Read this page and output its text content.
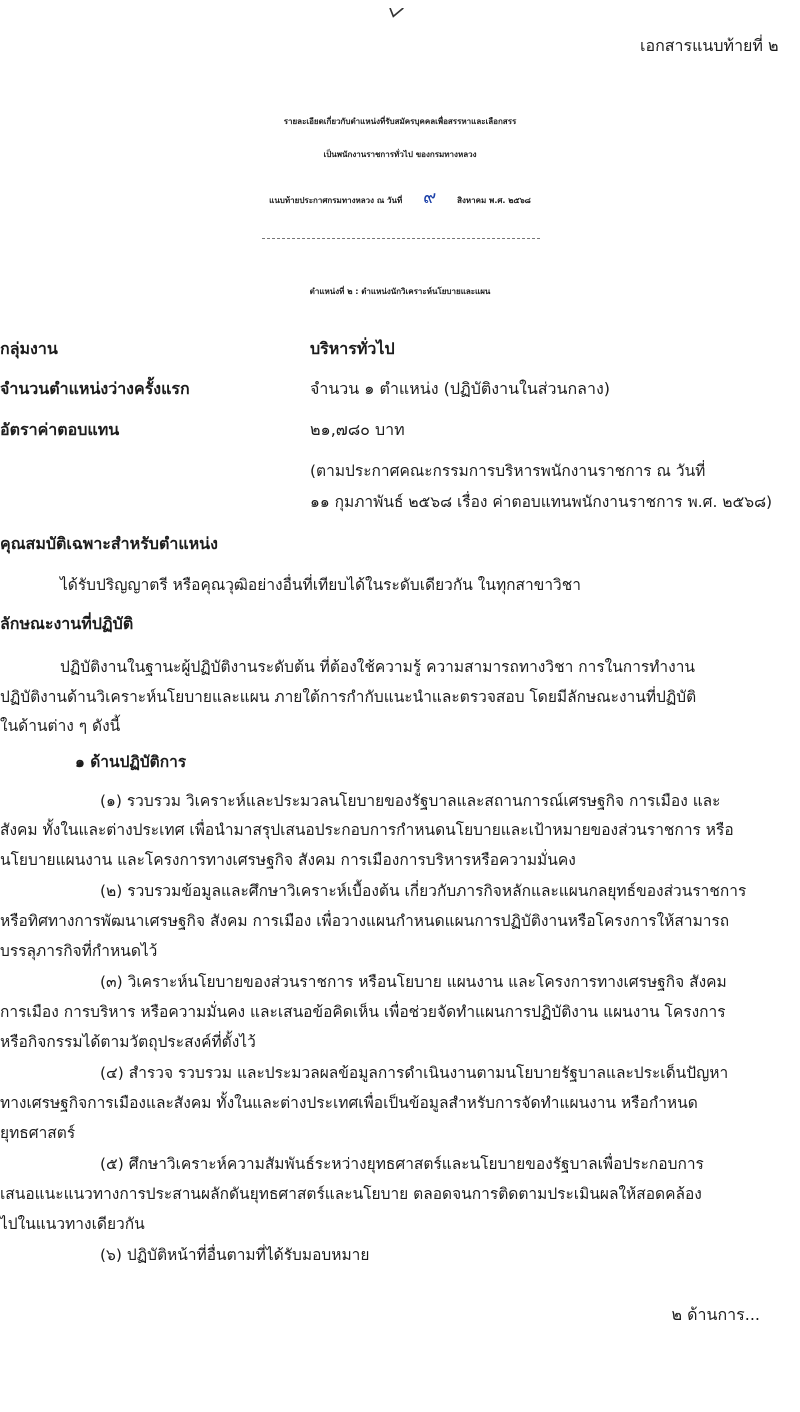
เอกสารแนบท้ายที่ ๒
รายละเอียดเกี่ยวกับตำแหน่งที่รับสมัครบุคคลเพื่อสรรหาและเลือกสรร
เป็นพนักงานราชการทั่วไป ของกรมทางหลวง
แนบท้ายประกาศกรมทางหลวง ณ วันที่ ๙	สิงหาคม พ.ศ. ๒๕๖๘
ตำแหน่งที่ ๒ : ตำแหน่งนักวิเคราะห์นโยบายและแผน
กลุ่มงาน	บริหารทั่วไป
จำนวนตำแหน่งว่างครั้งแรก	จำนวน ๑ ตำแหน่ง (ปฏิบัติงานในส่วนกลาง)
อัตราค่าตอบแทน	๒๑,๗๘๐ บาท
(ตามประกาศคณะกรรมการบริหารพนักงานราชการ ณ วันที่
๑๑ กุมภาพันธ์ ๒๕๖๘ เรื่อง ค่าตอบแทนพนักงานราชการ พ.ศ. ๒๕๖๘)
คุณสมบัติเฉพาะสำหรับตำแหน่ง
ได้รับปริญญาตรี หรือคุณวุฒิอย่างอื่นที่เทียบได้ในระดับเดียวกัน ในทุกสาขาวิชา
ลักษณะงานที่ปฏิบัติ
ปฏิบัติงานในฐานะผู้ปฏิบัติงานระดับต้น ที่ต้องใช้ความรู้ ความสามารถทางวิชา การในการทำงาน
ปฏิบัติงานด้านวิเคราะห์นโยบายและแผน ภายใต้การกำกับแนะนำและตรวจสอบ โดยมีลักษณะงานที่ปฏิบัติ
ในด้านต่าง ๆ ดังนี้
๑ ด้านปฏิบัติการ
(๑) รวบรวม วิเคราะห์และประมวลนโยบายของรัฐบาลและสถานการณ์เศรษฐกิจ การเมือง และ
สังคม ทั้งในและต่างประเทศ เพื่อนำมาสรุปเสนอประกอบการกำหนดนโยบายและเป้าหมายของส่วนราชการ หรือ
นโยบายแผนงาน และโครงการทางเศรษฐกิจ สังคม การเมืองการบริหารหรือความมั่นคง
(๒) รวบรวมข้อมูลและศึกษาวิเคราะห์เบื้องต้น เกี่ยวกับภารกิจหลักและแผนกลยุทธ์ของส่วนราชการ
หรือทิศทางการพัฒนาเศรษฐกิจ สังคม การเมือง เพื่อวางแผนกำหนดแผนการปฏิบัติงานหรือโครงการให้สามารถ
บรรลุภารกิจที่กำหนดไว้
(๓) วิเคราะห์นโยบายของส่วนราชการ หรือนโยบาย แผนงาน และโครงการทางเศรษฐกิจ สังคม
การเมือง การบริหาร หรือความมั่นคง และเสนอข้อคิดเห็น เพื่อช่วยจัดทำแผนการปฏิบัติงาน แผนงาน โครงการ
หรือกิจกรรมได้ตามวัตถุประสงค์ที่ตั้งไว้
(๔) สำรวจ รวบรวม และประมวลผลข้อมูลการดำเนินงานตามนโยบายรัฐบาลและประเด็นปัญหา
ทางเศรษฐกิจการเมืองและสังคม ทั้งในและต่างประเทศเพื่อเป็นข้อมูลสำหรับการจัดทำแผนงาน หรือกำหนด
ยุทธศาสตร์
(๕) ศึกษาวิเคราะห์ความสัมพันธ์ระหว่างยุทธศาสตร์และนโยบายของรัฐบาลเพื่อประกอบการ
เสนอแนะแนวทางการประสานผลักดันยุทธศาสตร์และนโยบาย ตลอดจนการติดตามประเมินผลให้สอดคล้อง
ไปในแนวทางเดียวกัน
(๖) ปฏิบัติหน้าที่อื่นตามที่ได้รับมอบหมาย
๒ ด้านการ...
